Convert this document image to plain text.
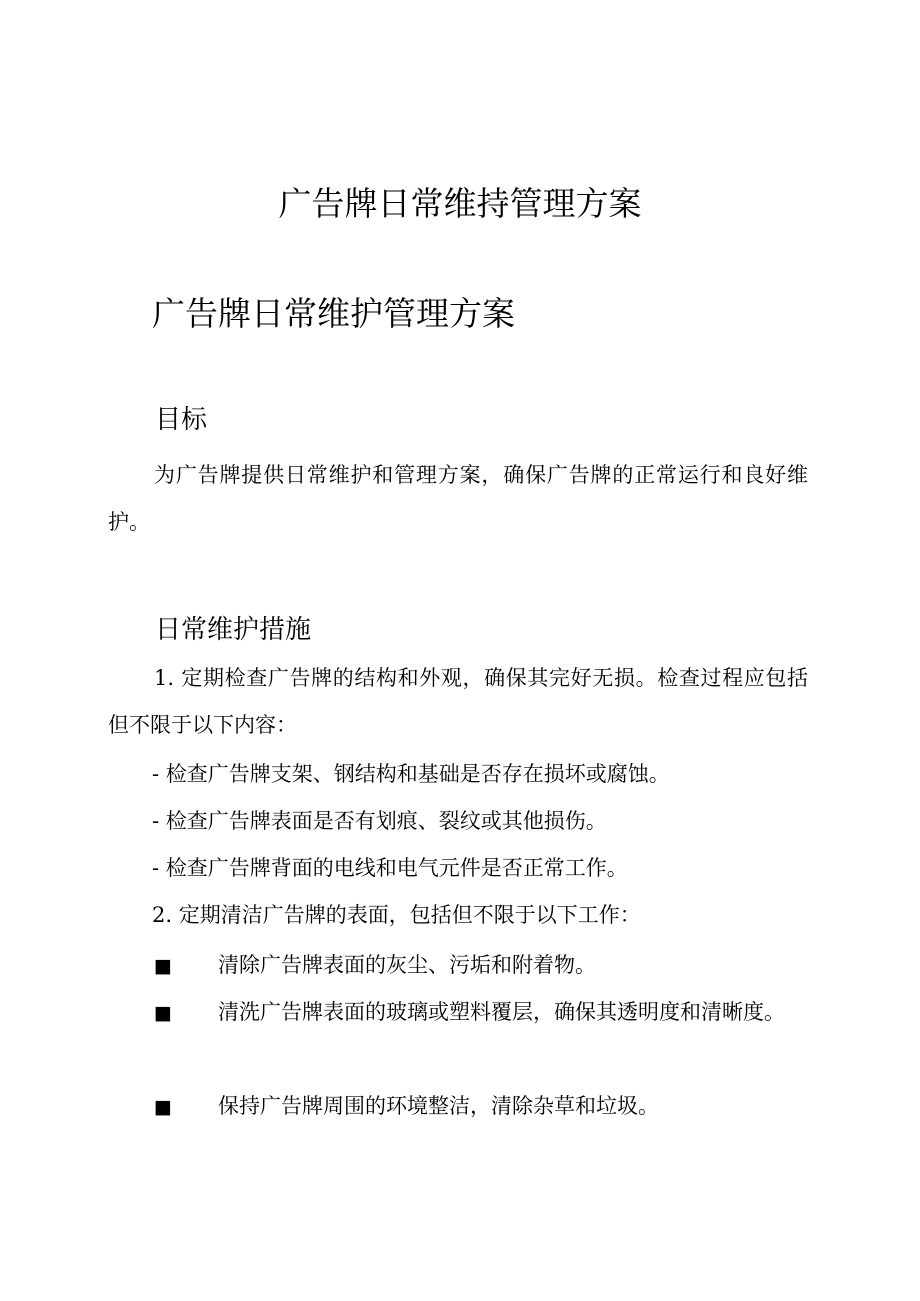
广告牌日常维持管理方案
广告牌日常维护管理方案
目标

为广告牌提供日常维护和管理方案，确保广告牌的正常运行和良好维护。

日常维护措施

1. 定期检查广告牌的结构和外观，确保其完好无损。检查过程应包括但不限于以下内容：

- 检查广告牌支架、钢结构和基础是否存在损坏或腐蚀。

- 检查广告牌表面是否有划痕、裂纹或其他损伤。

- 检查广告牌背面的电线和电气元件是否正常工作。

2. 定期清洁广告牌的表面，包括但不限于以下工作：

■ 清除广告牌表面的灰尘、污垢和附着物。

■ 清洗广告牌表面的玻璃或塑料覆层，确保其透明度和清晰度。

■ 保持广告牌周围的环境整洁，清除杂草和垃圾。
